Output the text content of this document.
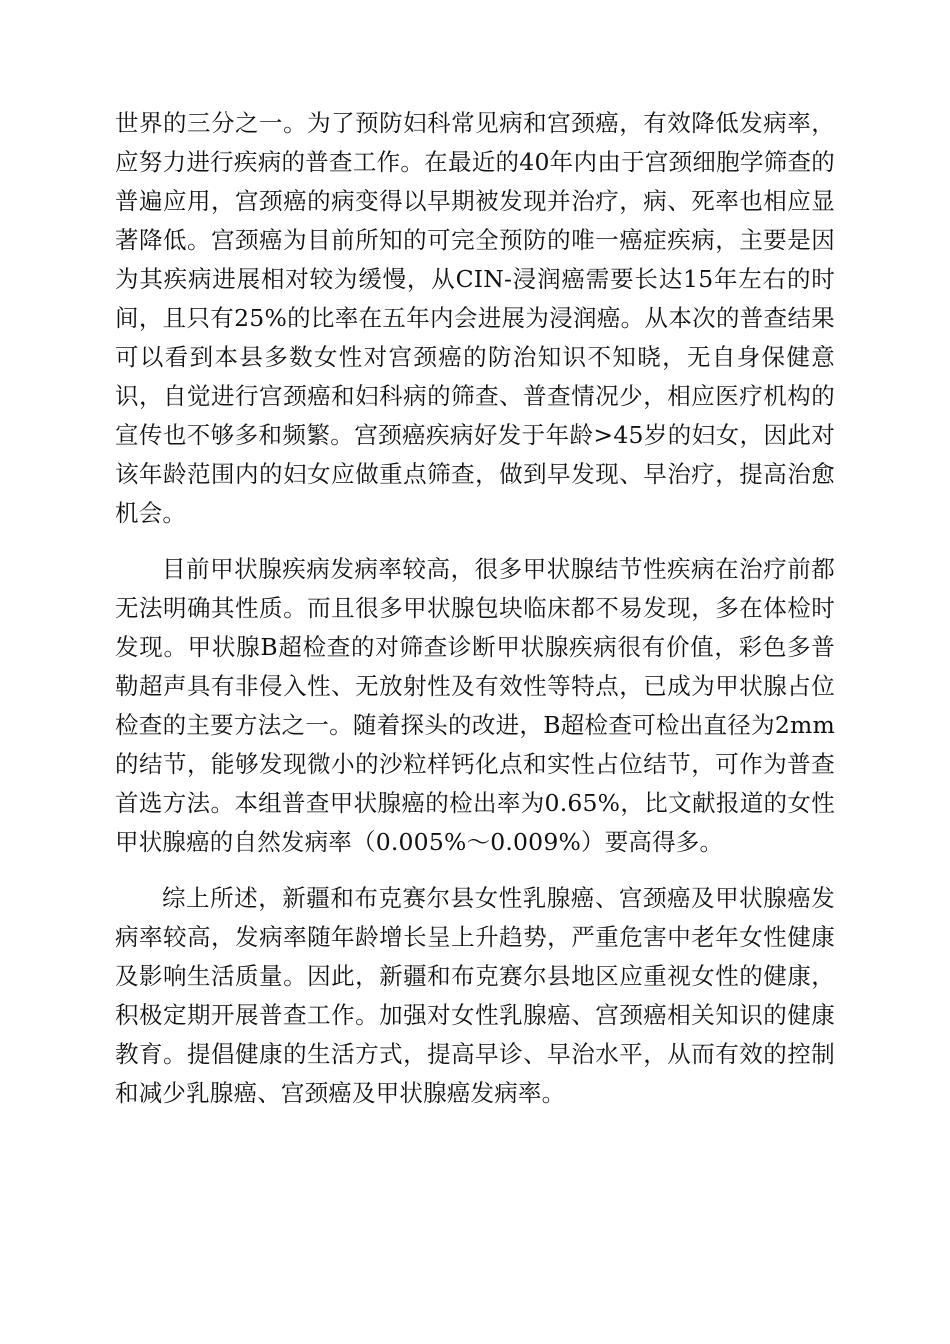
世界的三分之一。为了预防妇科常见病和宫颈癌，有效降低发病率，应努力进行疾病的普查工作。在最近的40年内由于宫颈细胞学筛查的普遍应用，宫颈癌的病变得以早期被发现并治疗，病、死率也相应显著降低。宫颈癌为目前所知的可完全预防的唯一癌症疾病，主要是因为其疾病进展相对较为缓慢，从CIN-浸润癌需要长达15年左右的时间，且只有25%的比率在五年内会进展为浸润癌。从本次的普查结果可以看到本县多数女性对宫颈癌的防治知识不知晓，无自身保健意识，自觉进行宫颈癌和妇科病的筛查、普查情况少，相应医疗机构的宣传也不够多和频繁。宫颈癌疾病好发于年龄>45岁的妇女，因此对该年龄范围内的妇女应做重点筛查，做到早发现、早治疗，提高治愈机会。

目前甲状腺疾病发病率较高，很多甲状腺结节性疾病在治疗前都无法明确其性质。而且很多甲状腺包块临床都不易发现，多在体检时发现。甲状腺B超检查的对筛查诊断甲状腺疾病很有价值，彩色多普勒超声具有非侵入性、无放射性及有效性等特点，已成为甲状腺占位检查的主要方法之一。随着探头的改进，B超检查可检出直径为2mm的结节，能够发现微小的沙粒样钙化点和实性占位结节，可作为普查首选方法。本组普查甲状腺癌的检出率为0.65%，比文献报道的女性甲状腺癌的自然发病率（0.005%～0.009%）要高得多。

综上所述，新疆和布克赛尔县女性乳腺癌、宫颈癌及甲状腺癌发病率较高，发病率随年龄增长呈上升趋势，严重危害中老年女性健康及影响生活质量。因此，新疆和布克赛尔县地区应重视女性的健康，积极定期开展普查工作。加强对女性乳腺癌、宫颈癌相关知识的健康教育。提倡健康的生活方式，提高早诊、早治水平，从而有效的控制和减少乳腺癌、宫颈癌及甲状腺癌发病率。
